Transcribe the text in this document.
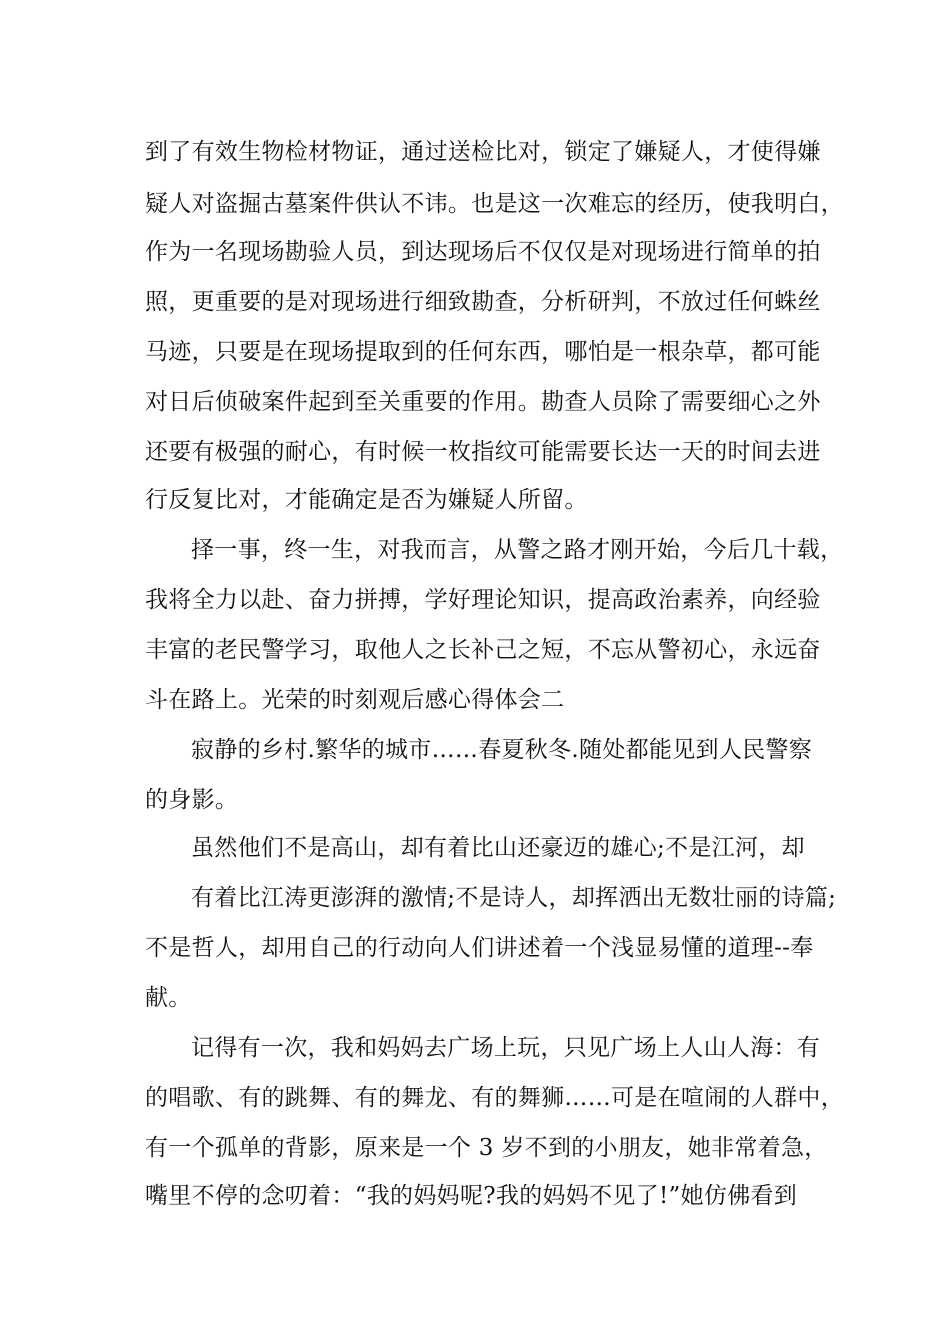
到了有效生物检材物证，通过送检比对，锁定了嫌疑人，才使得嫌
疑人对盗掘古墓案件供认不讳。也是这一次难忘的经历，使我明白，
作为一名现场勘验人员，到达现场后不仅仅是对现场进行简单的拍
照，更重要的是对现场进行细致勘查，分析研判，不放过任何蛛丝
马迹，只要是在现场提取到的任何东西，哪怕是一根杂草，都可能
对日后侦破案件起到至关重要的作用。勘查人员除了需要细心之外
还要有极强的耐心，有时候一枚指纹可能需要长达一天的时间去进
行反复比对，才能确定是否为嫌疑人所留。
择一事，终一生，对我而言，从警之路才刚开始，今后几十载，
我将全力以赴、奋力拼搏，学好理论知识，提高政治素养，向经验
丰富的老民警学习，取他人之长补己之短，不忘从警初心，永远奋
斗在路上。光荣的时刻观后感心得体会二
寂静的乡村.繁华的城市……春夏秋冬.随处都能见到人民警察
的身影。
虽然他们不是高山，却有着比山还豪迈的雄心;不是江河，却
有着比江涛更澎湃的激情;不是诗人，却挥洒出无数壮丽的诗篇;
不是哲人，却用自己的行动向人们讲述着一个浅显易懂的道理--奉
献。
记得有一次，我和妈妈去广场上玩，只见广场上人山人海：有
的唱歌、有的跳舞、有的舞龙、有的舞狮……可是在喧闹的人群中，
有一个孤单的背影，原来是一个 3 岁不到的小朋友，她非常着急，
嘴里不停的念叨着：“我的妈妈呢?我的妈妈不见了!”她仿佛看到
